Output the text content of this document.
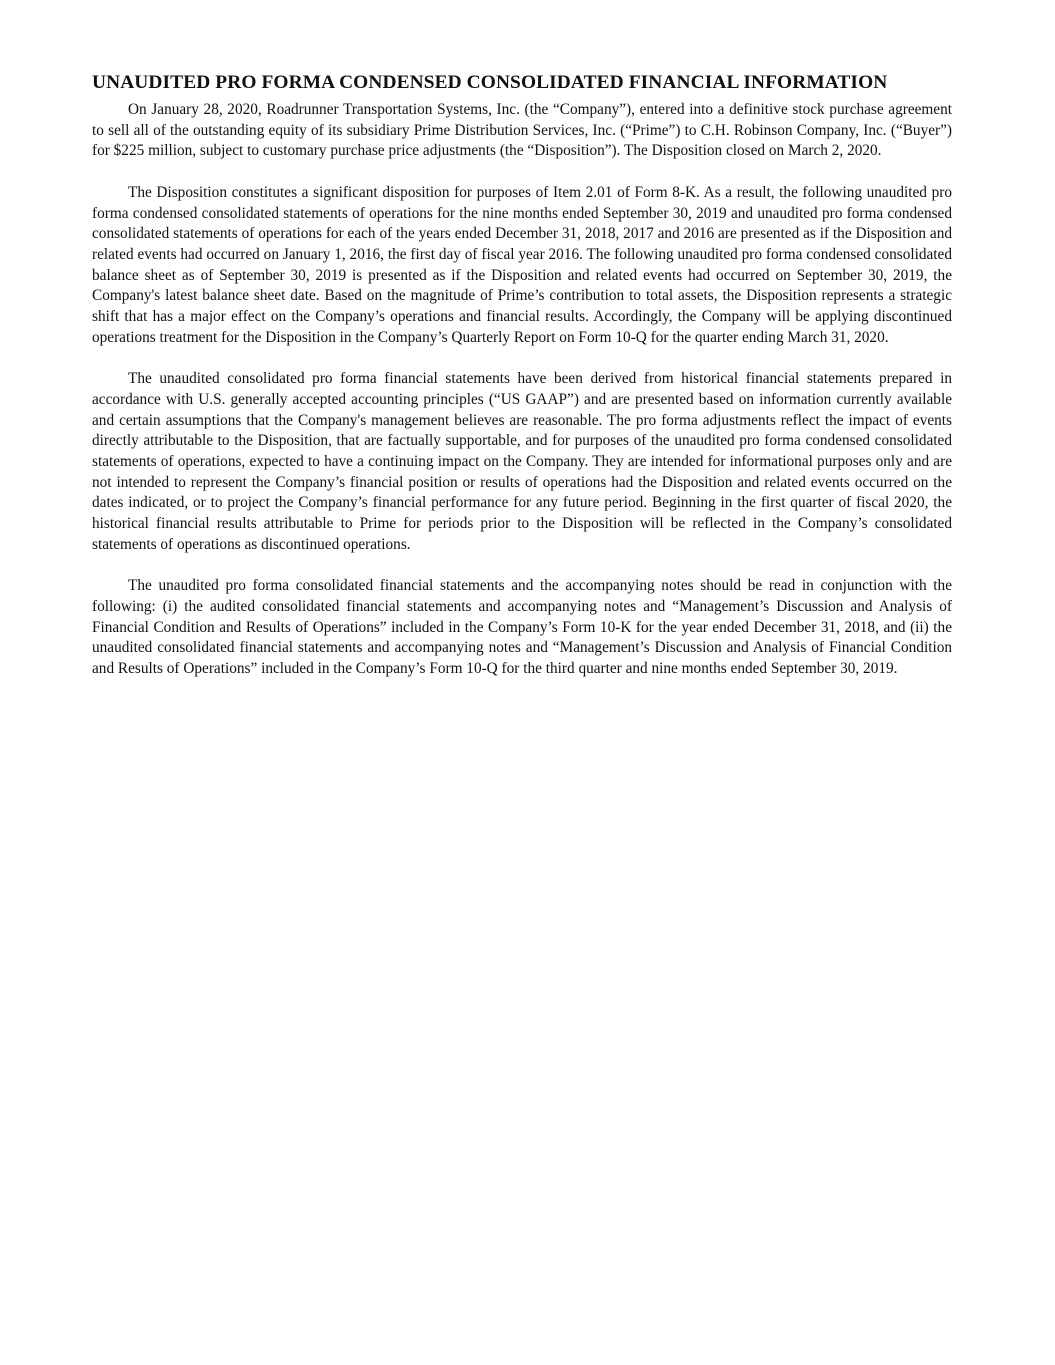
UNAUDITED PRO FORMA CONDENSED CONSOLIDATED FINANCIAL INFORMATION

On January 28, 2020, Roadrunner Transportation Systems, Inc. (the “Company”), entered into a definitive stock purchase agreement to sell all of the outstanding equity of its subsidiary Prime Distribution Services, Inc. (“Prime”) to C.H. Robinson Company, Inc. (“Buyer”) for $225 million, subject to customary purchase price adjustments (the “Disposition”). The Disposition closed on March 2, 2020.

The Disposition constitutes a significant disposition for purposes of Item 2.01 of Form 8-K. As a result, the following unaudited pro forma condensed consolidated statements of operations for the nine months ended September 30, 2019 and unaudited pro forma condensed consolidated statements of operations for each of the years ended December 31, 2018, 2017 and 2016 are presented as if the Disposition and related events had occurred on January 1, 2016, the first day of fiscal year 2016. The following unaudited pro forma condensed consolidated balance sheet as of September 30, 2019 is presented as if the Disposition and related events had occurred on September 30, 2019, the Company's latest balance sheet date. Based on the magnitude of Prime’s contribution to total assets, the Disposition represents a strategic shift that has a major effect on the Company’s operations and financial results. Accordingly, the Company will be applying discontinued operations treatment for the Disposition in the Company’s Quarterly Report on Form 10-Q for the quarter ending March 31, 2020.

The unaudited consolidated pro forma financial statements have been derived from historical financial statements prepared in accordance with U.S. generally accepted accounting principles (“US GAAP”) and are presented based on information currently available and certain assumptions that the Company's management believes are reasonable. The pro forma adjustments reflect the impact of events directly attributable to the Disposition, that are factually supportable, and for purposes of the unaudited pro forma condensed consolidated statements of operations, expected to have a continuing impact on the Company. They are intended for informational purposes only and are not intended to represent the Company’s financial position or results of operations had the Disposition and related events occurred on the dates indicated, or to project the Company’s financial performance for any future period. Beginning in the first quarter of fiscal 2020, the historical financial results attributable to Prime for periods prior to the Disposition will be reflected in the Company’s consolidated statements of operations as discontinued operations.

The unaudited pro forma consolidated financial statements and the accompanying notes should be read in conjunction with the following: (i) the audited consolidated financial statements and accompanying notes and “Management’s Discussion and Analysis of Financial Condition and Results of Operations” included in the Company’s Form 10-K for the year ended December 31, 2018, and (ii) the unaudited consolidated financial statements and accompanying notes and “Management’s Discussion and Analysis of Financial Condition and Results of Operations” included in the Company’s Form 10-Q for the third quarter and nine months ended September 30, 2019.
